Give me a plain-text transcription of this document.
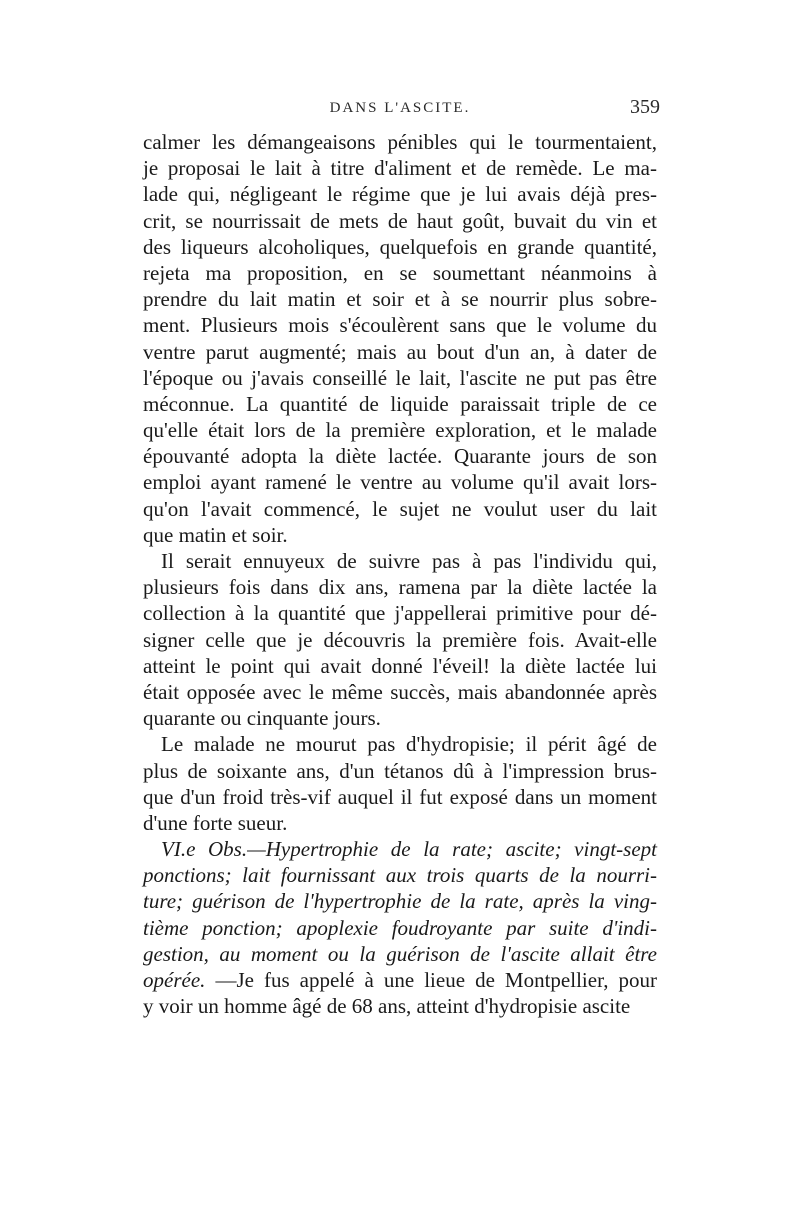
DANS L'ASCITE.	359
calmer les démangeaisons pénibles qui le tourmentaient,
je proposai le lait à titre d'aliment et de remède. Le ma-
lade qui, négligeant le régime que je lui avais déjà pres-
crit, se nourrissait de mets de haut goût, buvait du vin et
des liqueurs alcoholiques, quelquefois en grande quantité,
rejeta ma proposition, en se soumettant néanmoins à
prendre du lait matin et soir et à se nourrir plus sobre-
ment. Plusieurs mois s'écoulèrent sans que le volume du
ventre parut augmenté; mais au bout d'un an, à dater de
l'époque ou j'avais conseillé le lait, l'ascite ne put pas être
méconnue. La quantité de liquide paraissait triple de ce
qu'elle était lors de la première exploration, et le malade
épouvanté adopta la diète lactée. Quarante jours de son
emploi ayant ramené le ventre au volume qu'il avait lors-
qu'on l'avait commencé, le sujet ne voulut user du lait
que matin et soir.
Il serait ennuyeux de suivre pas à pas l'individu qui,
plusieurs fois dans dix ans, ramena par la diète lactée la
collection à la quantité que j'appellerai primitive pour dé-
signer celle que je découvris la première fois. Avait-elle
atteint le point qui avait donné l'éveil! la diète lactée lui
était opposée avec le même succès, mais abandonnée après
quarante ou cinquante jours.
Le malade ne mourut pas d'hydropisie; il périt âgé de
plus de soixante ans, d'un tétanos dû à l'impression brus-
que d'un froid très-vif auquel il fut exposé dans un moment
d'une forte sueur.
VI.e Obs.—Hypertrophie de la rate; ascite; vingt-sept
ponctions; lait fournissant aux trois quarts de la nourri-
ture; guérison de l'hypertrophie de la rate, après la ving-
tième ponction; apoplexie foudroyante par suite d'indi-
gestion, au moment ou la guérison de l'ascite allait être
opérée. —Je fus appelé à une lieue de Montpellier, pour
y voir un homme âgé de 68 ans, atteint d'hydropisie ascite
